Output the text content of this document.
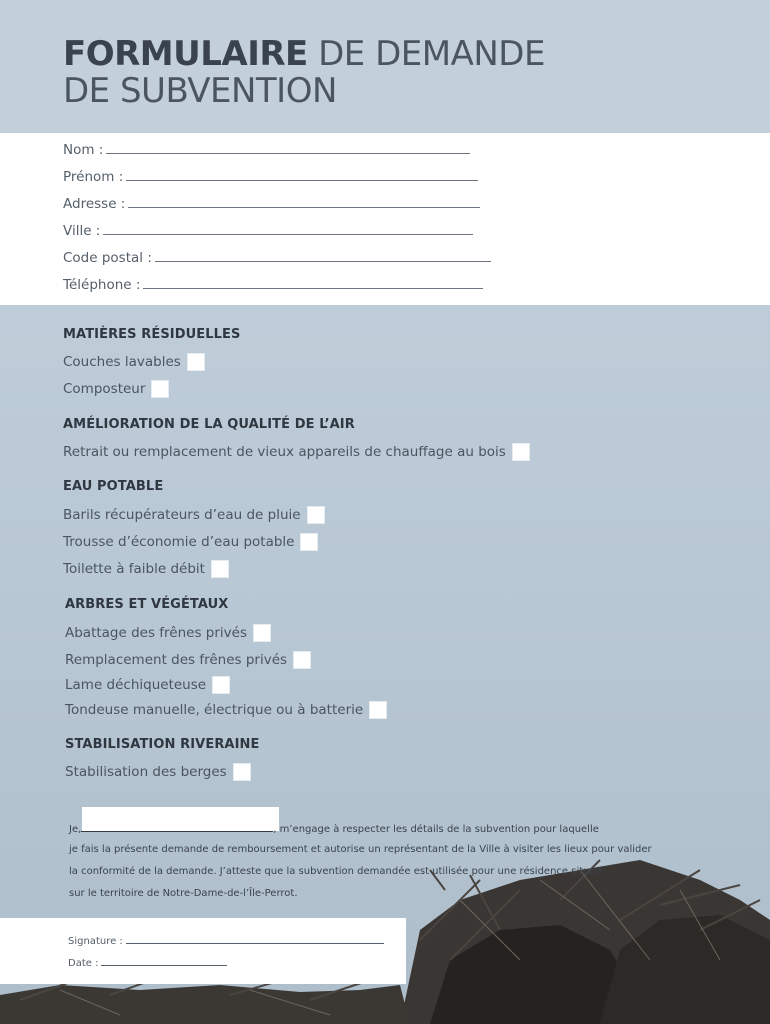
FORMULAIRE DE DEMANDE
DE SUBVENTION
Nom :
Prénom :
Adresse :
Ville :
Code postal :
Téléphone :
MATIÈRES RÉSIDUELLES
Couches lavables
Composteur
AMÉLIORATION DE LA QUALITÉ DE L’AIR
Retrait ou remplacement de vieux appareils de chauffage au bois
EAU POTABLE
Barils récupérateurs d’eau de pluie
Trousse d’économie d’eau potable
Toilette à faible débit
ARBRES ET VÉGÉTAUX
Abattage des frênes privés
Remplacement des frênes privés
Lame déchiqueteuse
Tondeuse manuelle, électrique ou à batterie
STABILISATION RIVERAINE
Stabilisation des berges
Je,	, m’engage à respecter les détails de la subvention pour laquelle
je fais la présente demande de remboursement et autorise un représentant de la Ville à visiter les lieux pour valider
la conformité de la demande. J’atteste que la subvention demandée est utilisée pour une résidence située
sur le territoire de Notre-Dame-de-l’Île-Perrot.
Signature :
Date :
